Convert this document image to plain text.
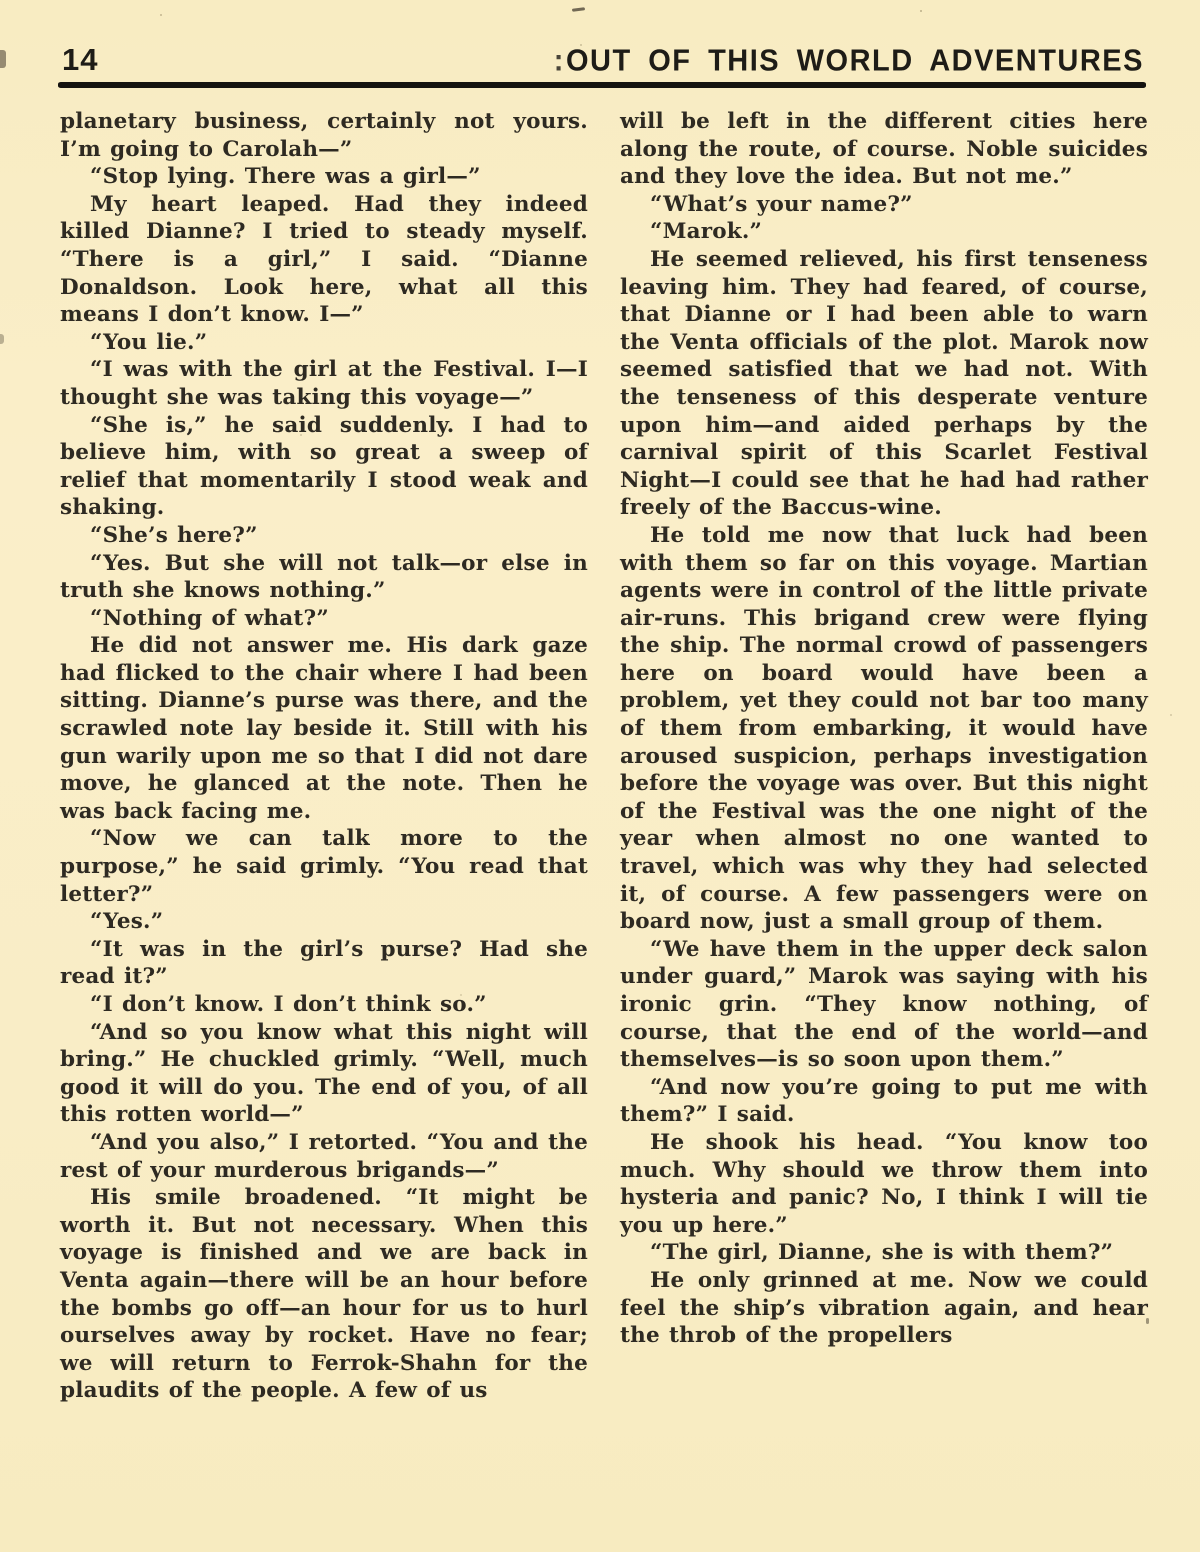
14	:OUT OF THIS WORLD ADVENTURES

planetary business, certainly not yours. I’m going to Carolah—”

“Stop lying. There was a girl—”

My heart leaped. Had they indeed killed Dianne? I tried to steady myself. “There is a girl,” I said. “Dianne Donaldson. Look here, what all this means I don’t know. I—”

“You lie.”

“I was with the girl at the Festival. I—I thought she was taking this voyage—”

“She is,” he said suddenly. I had to believe him, with so great a sweep of relief that momentarily I stood weak and shaking.

“She’s here?”

“Yes. But she will not talk—or else in truth she knows nothing.”

“Nothing of what?”

He did not answer me. His dark gaze had flicked to the chair where I had been sitting. Dianne’s purse was there, and the scrawled note lay beside it. Still with his gun warily upon me so that I did not dare move, he glanced at the note. Then he was back facing me.

“Now we can talk more to the purpose,” he said grimly. “You read that letter?”

“Yes.”

“It was in the girl’s purse? Had she read it?”

“I don’t know. I don’t think so.”

“And so you know what this night will bring.” He chuckled grimly. “Well, much good it will do you. The end of you, of all this rotten world—”

“And you also,” I retorted. “You and the rest of your murderous brigands—”

His smile broadened. “It might be worth it. But not necessary. When this voyage is finished and we are back in Venta again—there will be an hour before the bombs go off—an hour for us to hurl ourselves away by rocket. Have no fear; we will return to Ferrok-Shahn for the plaudits of the people. A few of us

will be left in the different cities here along the route, of course. Noble suicides and they love the idea. But not me.”

“What’s your name?”

“Marok.”

He seemed relieved, his first tenseness leaving him. They had feared, of course, that Dianne or I had been able to warn the Venta officials of the plot. Marok now seemed satisfied that we had not. With the tenseness of this desperate venture upon him—and aided perhaps by the carnival spirit of this Scarlet Festival Night—I could see that he had had rather freely of the Baccus-wine.

He told me now that luck had been with them so far on this voyage. Martian agents were in control of the little private air-runs. This brigand crew were flying the ship. The normal crowd of passengers here on board would have been a problem, yet they could not bar too many of them from embarking, it would have aroused suspicion, perhaps investigation before the voyage was over. But this night of the Festival was the one night of the year when almost no one wanted to travel, which was why they had selected it, of course. A few passengers were on board now, just a small group of them.

“We have them in the upper deck salon under guard,” Marok was saying with his ironic grin. “They know nothing, of course, that the end of the world—and themselves—is so soon upon them.”

“And now you’re going to put me with them?” I said.

He shook his head. “You know too much. Why should we throw them into hysteria and panic? No, I think I will tie you up here.”

“The girl, Dianne, she is with them?”

He only grinned at me. Now we could feel the ship’s vibration again, and hear the throb of the propellers
